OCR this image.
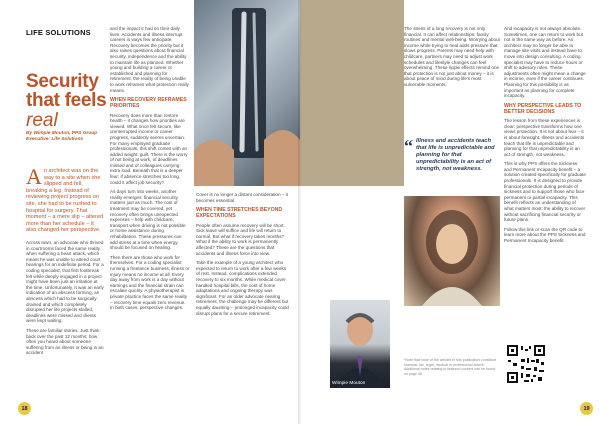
LIFE SOLUTIONS
Security
that feels
real
By Wimpie Mouton, PPS Group
Executive: Life Solutions
An architect was on the way to a site when she slipped and fell, breaking a leg. Instead of reviewing project progress on site, she had to be rushed to hospital for surgery. That moment – a mere slip – altered more than her schedule – it also changed her perspective.

Across town, an advocate who thrived in courtrooms faced the same reality when suffering a heart attack, which meant he was unable to attend court hearings for an indefinite period. For a coding specialist, that first footbreak felt while deeply engaged in a project might have been just an irritation at the time. Unfortunately, it was an early indication of an abscess forming, an abscess which had to be surgically drained and which completely disrupted her life projects stalled, deadlines were missed and clients were kept waiting.

These are familiar stories. Just think back over the past 12 months: how often you heard about someone suffering from an illness or being in an accident

and the impact it had on their daily lives. Accidents and illness interrupt careers in ways few anticipate. Recovery becomes the priority but it also raises questions about financial security, independence and the ability to maintain life as planned. Whether young and building a career or established and planning for retirement, the reality of being unable to work reframes what protection really means.

WHEN RECOVERY REFRAMES PRIORITIES

Recovery does more than restore health – it changes how priorities are viewed. What once felt secure, like uninterrupted income or career progress, suddenly seems uncertain. For many employed graduate professionals, this shift comes with an added weight: guilt. There is the worry of not being at work, of deadlines missed and of colleagues carrying extra load. Beneath that is a deeper fear: if absence stretches too long, could it affect job security?

As days turn into weeks, another reality emerges: financial security matters just as much. The cost of treatment may be covered, yet recovery often brings unexpected expenses – help with childcare, transport when driving is not possible or home assistance during rehabilitation. These pressures can add stress at a time when energy should be focused on healing.

Then there are those who work for themselves. For a coding specialist running a freelance business, illness or injury means no income at all. Every day away from work is a day without earnings and the financial strain can escalate quickly. A physiotherapist in private practice faces the same reality – recovery time equals zero revenue. In both cases, perspective changes.

Cover is no longer a distant consideration – it becomes essential.

WHEN TIME STRETCHES BEYOND EXPECTATIONS

People often assume recovery will be short. Sick leave will suffice and life will return to normal. But what if recovery takes months? What if the ability to work is permanently affected? These are the questions that accidents and illness force into view.

Take the example of a young architect who expected to return to work after a few weeks of rest. Instead, complications extended recovery to six months. While medical cover handled hospital bills, the cost of home adaptations and ongoing therapy was significant. For an older advocate nearing retirement, the challenge may be different but equally daunting – prolonged incapacity could disrupt plans for a secure retirement.

18

The stress of a long recovery is not only financial. It can affect relationships, family routines and mental well-being. Worrying about income while trying to heal adds pressure that slows progress. Parents may need help with childcare, partners may need to adjust work schedules and lifestyle changes can feel overwhelming. These ripple effects remind one that protection is not just about money – it is about peace of mind during life's most vulnerable moments.

“ Illness and accidents teach that life is unpredictable and planning for that unpredictability is an act of strength, not weakness.
Wimpie Mouton
*Note that none of the articles in this publication constitute financial, tax, legal, medical or professional advice. Additional notes relating to featured content can be found on page 46.

And incapacity is not always absolute. Sometimes, one can return to work but not in the same way as before. An architect may no longer be able to manage site visits and instead have to move into design consulting. A coding specialist may have to reduce hours or shift to advisory roles. These adjustments often might mean a change in income, even if the career continues. Planning for this possibility is as important as planning for complete incapacity.

WHY PERSPECTIVE LEADS TO BETTER DECISIONS

The lesson from these experiences is clear: perspective transforms how one views protection. It is not about fear – it is about foresight. Illness and accidents teach that life is unpredictable and planning for that unpredictability is an act of strength, not weakness.

This is why PPS offers the Sickness and Permanent Incapacity benefit – a solution created specifically for graduate professionals. It is designed to provide financial protection during periods of sickness and to support those who face permanent or partial incapacity. This benefit reflects an understanding of what matters most: the ability to recover without sacrificing financial security or future plans.

Follow this link or scan the QR code to learn more about the PPS Sickness and Permanent Incapacity benefit.

19
